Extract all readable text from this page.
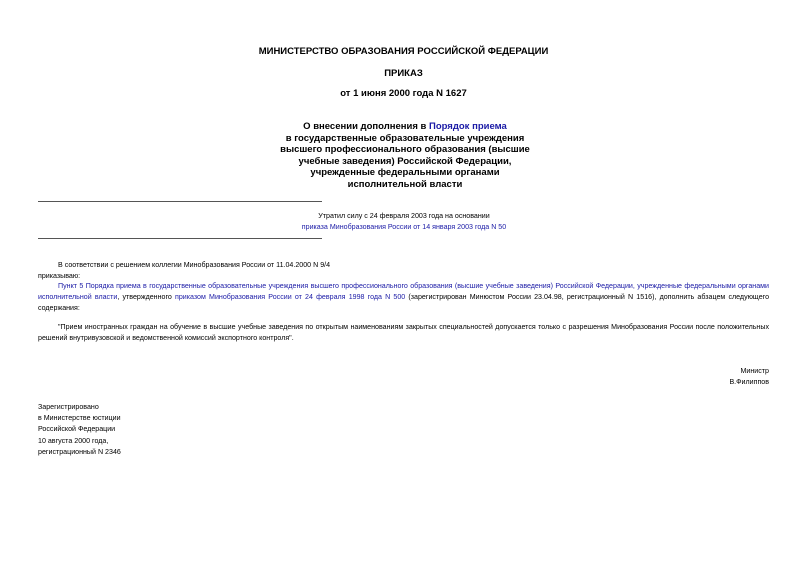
МИНИСТЕРСТВО ОБРАЗОВАНИЯ РОССИЙСКОЙ ФЕДЕРАЦИИ
ПРИКАЗ
от 1 июня 2000 года N 1627
О внесении дополнения в Порядок приема
в государственные образовательные учреждения
высшего профессионального образования (высшие
учебные заведения) Российской Федерации,
учрежденные федеральными органами
исполнительной власти
Утратил силу с 24 февраля 2003 года на основании
приказа Минобразования России от 14 января 2003 года N 50
В соответствии с решением коллегии Минобразования России от 11.04.2000 N 9/4
приказываю:
Пункт 5 Порядка приема в государственные образовательные учреждения высшего профессионального образования (высшие учебные заведения) Российской Федерации, учрежденные федеральными органами исполнительной власти, утвержденного приказом Минобразования России от 24 февраля 1998 года N 500 (зарегистрирован Минюстом России 23.04.98, регистрационный N 1516), дополнить абзацем следующего содержания:
"Прием иностранных граждан на обучение в высшие учебные заведения по открытым наименованиям закрытых специальностей допускается только с разрешения Минобразования России после положительных решений внутривузовской и ведомственной комиссий экспортного контроля".
Министр
В.Филиппов
Зарегистрировано
в Министерстве юстиции
Российской Федерации
10 августа 2000 года,
регистрационный N 2346
